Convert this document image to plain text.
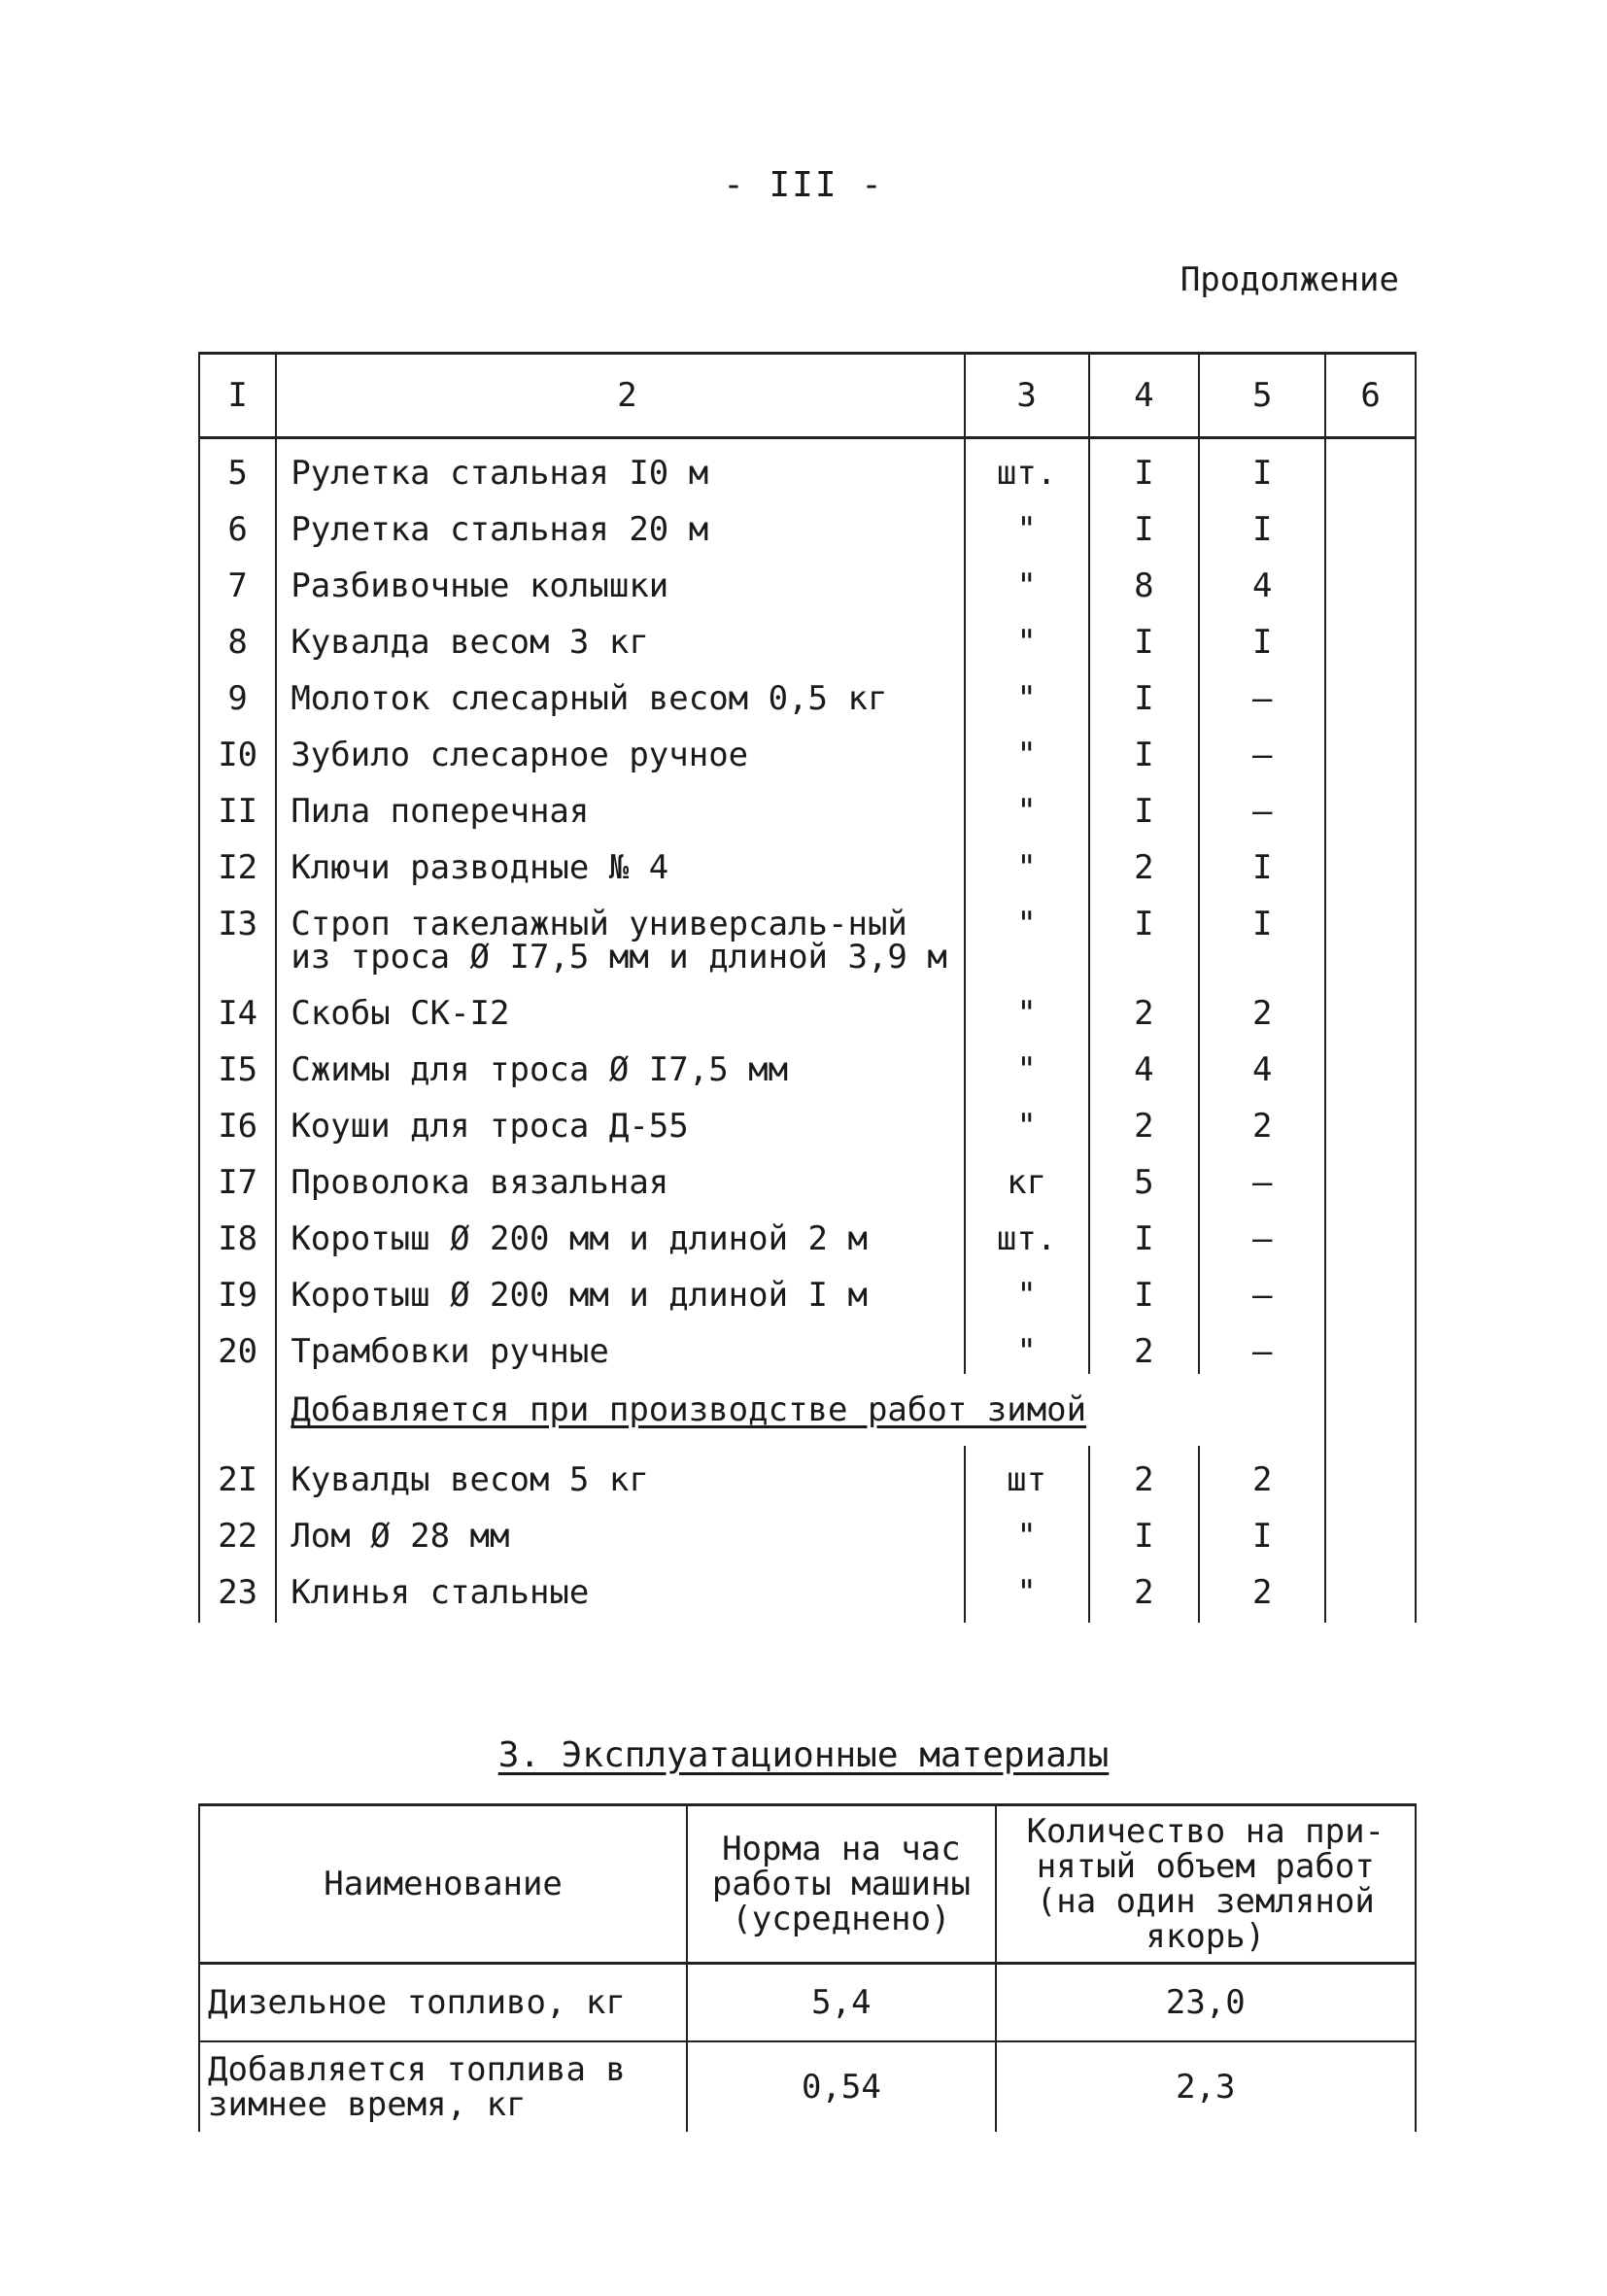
- III -
Продолжение
I	2	3	4	5	6
5	Рулетка стальная I0 м	шт.	I	I	
6	Рулетка стальная 20 м	"	I	I	
7	Разбивочные колышки	"	8	4	
8	Кувалда весом 3 кг	"	I	I	
9	Молоток слесарный весом 0,5 кг	"	I	–	
I0	Зубило слесарное ручное	"	I	–	
II	Пила поперечная	"	I	–	
I2	Ключи разводные № 4	"	2	I	
I3	Строп такелажный универсаль-ный из троса Ø I7,5 мм и длиной 3,9 м	"	I	I	
I4	Скобы СК-I2	"	2	2	
I5	Сжимы для троса Ø I7,5 мм	"	4	4	
I6	Коуши для троса Д-55	"	2	2	
I7	Проволока вязальная	кг	5	–	
I8	Коротыш Ø 200 мм и длиной 2 м	шт.	I	–	
I9	Коротыш Ø 200 мм и длиной I м	"	I	–	
20	Трамбовки ручные	"	2	–	
	Добавляется при производстве работ зимой				
2I	Кувалды весом 5 кг	шт	2	2	
22	Лом Ø 28 мм	"	I	I	
23	Клинья стальные	"	2	2	
3. Эксплуатационные материалы
Наименование	Норма на час работы машины (усреднено)	Количество на при-нятый объем работ (на один земляной якорь)
Дизельное топливо, кг	5,4	23,0
Добавляется топлива в зимнее время, кг	0,54	2,3
